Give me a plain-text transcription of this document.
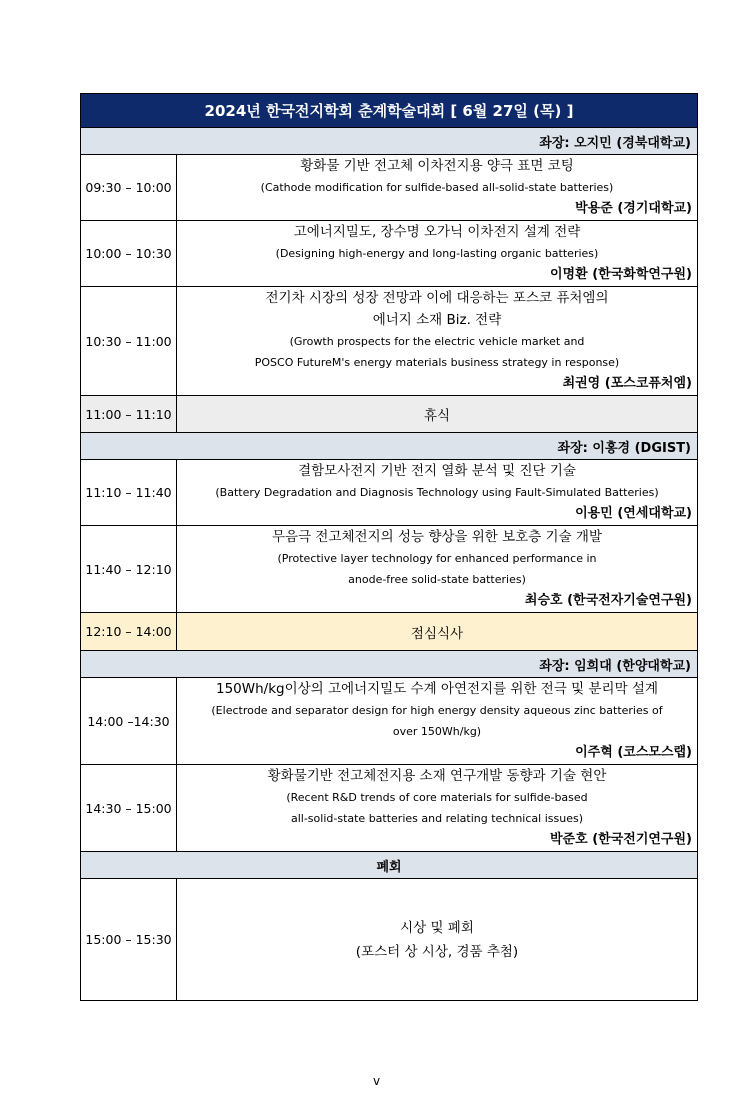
2024년 한국전지학회 춘계학술대회 [ 6월 27일 (목) ]	
좌장: 오지민 (경북대학교)	
09:30 – 10:00	황화물 기반 전고체 이차전지용 양극 표면 코팅
(Cathode modification for sulfide-based all-solid-state batteries)
박용준 (경기대학교)

10:00 – 10:30	고에너지밀도, 장수명 오가닉 이차전지 설계 전략
(Designing high-energy and long-lasting organic batteries)
이명환 (한국화학연구원)

10:30 – 11:00	전기차 시장의 성장 전망과 이에 대응하는 포스코 퓨처엠의
에너지 소재 Biz. 전략
(Growth prospects for the electric vehicle market and
POSCO FutureM's energy materials business strategy in response)
최권영 (포스코퓨처엠)

11:00 – 11:10	휴식
좌장: 이홍경 (DGIST)	
11:10 – 11:40	결함모사전지 기반 전지 열화 분석 및 진단 기술
(Battery Degradation and Diagnosis Technology using Fault-Simulated Batteries)
이용민 (연세대학교)

11:40 – 12:10	무음극 전고체전지의 성능 향상을 위한 보호층 기술 개발
(Protective layer technology for enhanced performance in
anode-free solid-state batteries)
최승호 (한국전자기술연구원)

12:10 – 14:00	점심식사
좌장: 임희대 (한양대학교)	
14:00 –14:30	150Wh/kg이상의 고에너지밀도 수계 아연전지를 위한 전극 및 분리막 설계
(Electrode and separator design for high energy density aqueous zinc batteries of
over 150Wh/kg)
이주혁 (코스모스랩)

14:30 – 15:00	황화물기반 전고체전지용 소재 연구개발 동향과 기술 현안
(Recent R&D trends of core materials for sulfide-based
all-solid-state batteries and relating technical issues)
박준호 (한국전기연구원)

폐회	
15:00 – 15:30	시상 및 폐회
(포스터 상 시상, 경품 추첨)
v
